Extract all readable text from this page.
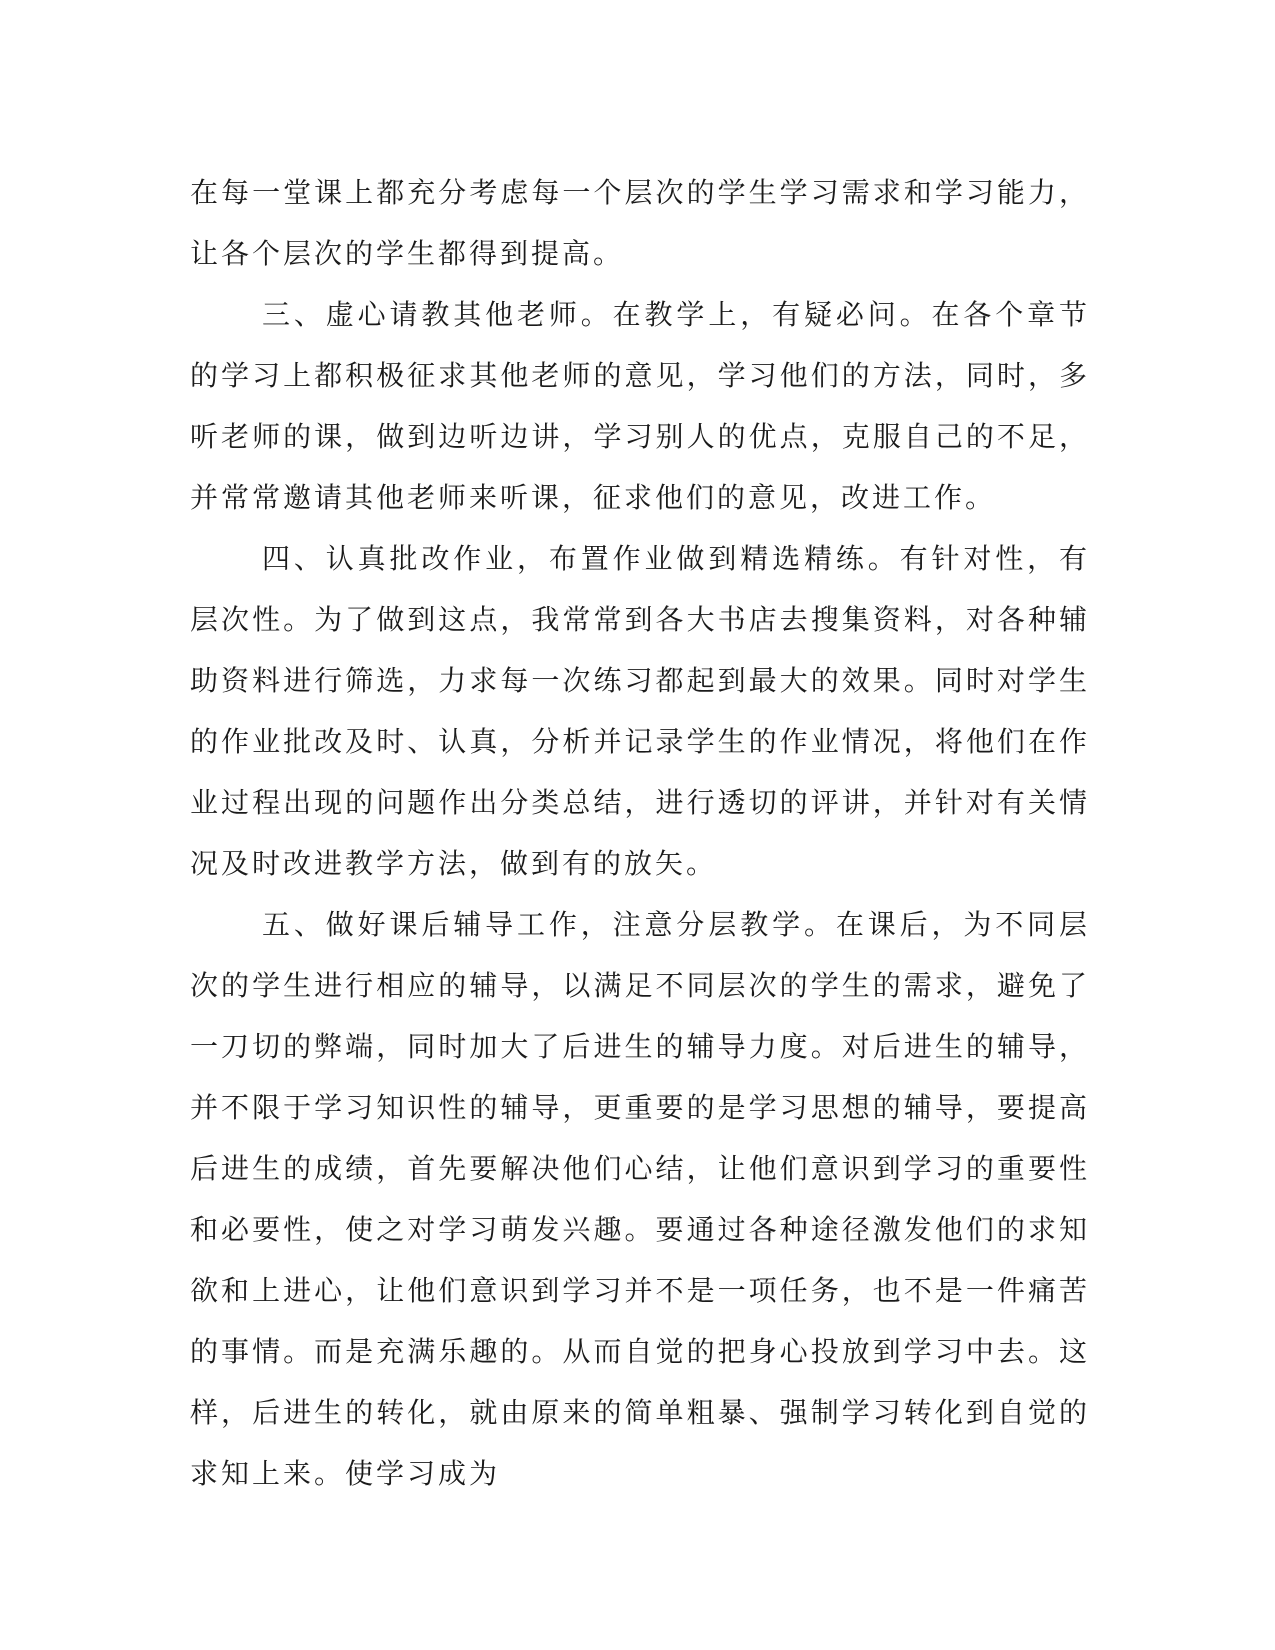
在每一堂课上都充分考虑每一个层次的学生学习需求和学习能力，让各个层次的学生都得到提高。

三、虚心请教其他老师。在教学上，有疑必问。在各个章节的学习上都积极征求其他老师的意见，学习他们的方法，同时，多听老师的课，做到边听边讲，学习别人的优点，克服自己的不足，并常常邀请其他老师来听课，征求他们的意见，改进工作。

四、认真批改作业，布置作业做到精选精练。有针对性，有层次性。为了做到这点，我常常到各大书店去搜集资料，对各种辅助资料进行筛选，力求每一次练习都起到最大的效果。同时对学生的作业批改及时、认真，分析并记录学生的作业情况，将他们在作业过程出现的问题作出分类总结，进行透切的评讲，并针对有关情况及时改进教学方法，做到有的放矢。

五、做好课后辅导工作，注意分层教学。在课后，为不同层次的学生进行相应的辅导，以满足不同层次的学生的需求，避免了一刀切的弊端，同时加大了后进生的辅导力度。对后进生的辅导，并不限于学习知识性的辅导，更重要的是学习思想的辅导，要提高后进生的成绩，首先要解决他们心结，让他们意识到学习的重要性和必要性，使之对学习萌发兴趣。要通过各种途径激发他们的求知欲和上进心，让他们意识到学习并不是一项任务，也不是一件痛苦的事情。而是充满乐趣的。从而自觉的把身心投放到学习中去。这样，后进生的转化，就由原来的简单粗暴、强制学习转化到自觉的求知上来。使学习成为
